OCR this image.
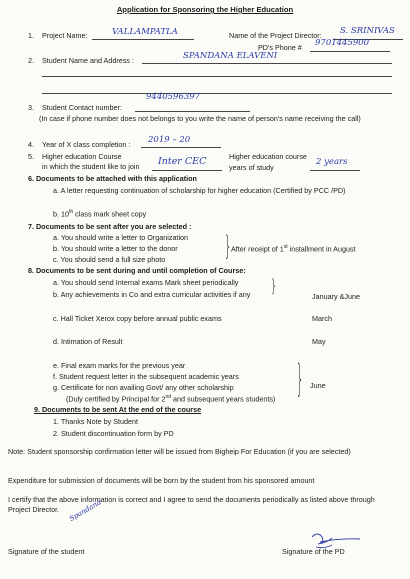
Application for Sponsoring the Higher Education
1. Project Name:	VALLAMPATLA	Name of the Project Director: S. SRINIVAS
PD's Phone # 9701445900
2. Student Name and Address :	SPANDANA ELAVENI
3. Student Contact number:
9440596397
(In case if phone number does not belongs to you write the name of person's name receiving the call)
4. Year of X class completion : 2019 – 20
5. Higher education Course
in which the student like to join Inter CEC	Higher education course
years of study
2 years
6. Documents to be attached with this application
a. A letter requesting continuation of scholarship for higher education (Certified by PCC /PD)
b. 10th class mark sheet copy
7. Documents to be sent after you are selected :
a. You should write a letter to Organization
b. You should write a letter to the donor
c. You should send a full size photo	} After receipt of 1st installment in August
8. Documents to be sent during and until completion of Course:
a. You should send Internal exams Mark sheet periodically
b. Any achievements in Co and extra curricular activities if any }
January &June
c. Hall Ticket Xerox copy before annual public exams	March
d. Intimation of Result	May
e. Final exam marks for the previous year
f. Student request letter in the subsequent academic years
g. Certificate for non availing Govt/ any other scholarship
(Duly certified by Principal for 2nd and subsequent years students) } June
9. Documents to be sent At the end of the course
1. Thanks Note by Student
2. Student discontinuation form by PD
Note: Student sponsorship confirmation letter will be issued from Bigheip For Education (if you are selected)
Expenditure for submission of documents will be born by the student from his sponsored amount
I certify that the above information is correct and I agree to send the documents periodically as listed above through Project Director.	Spandana
Signature of the student	Signature of the PD
